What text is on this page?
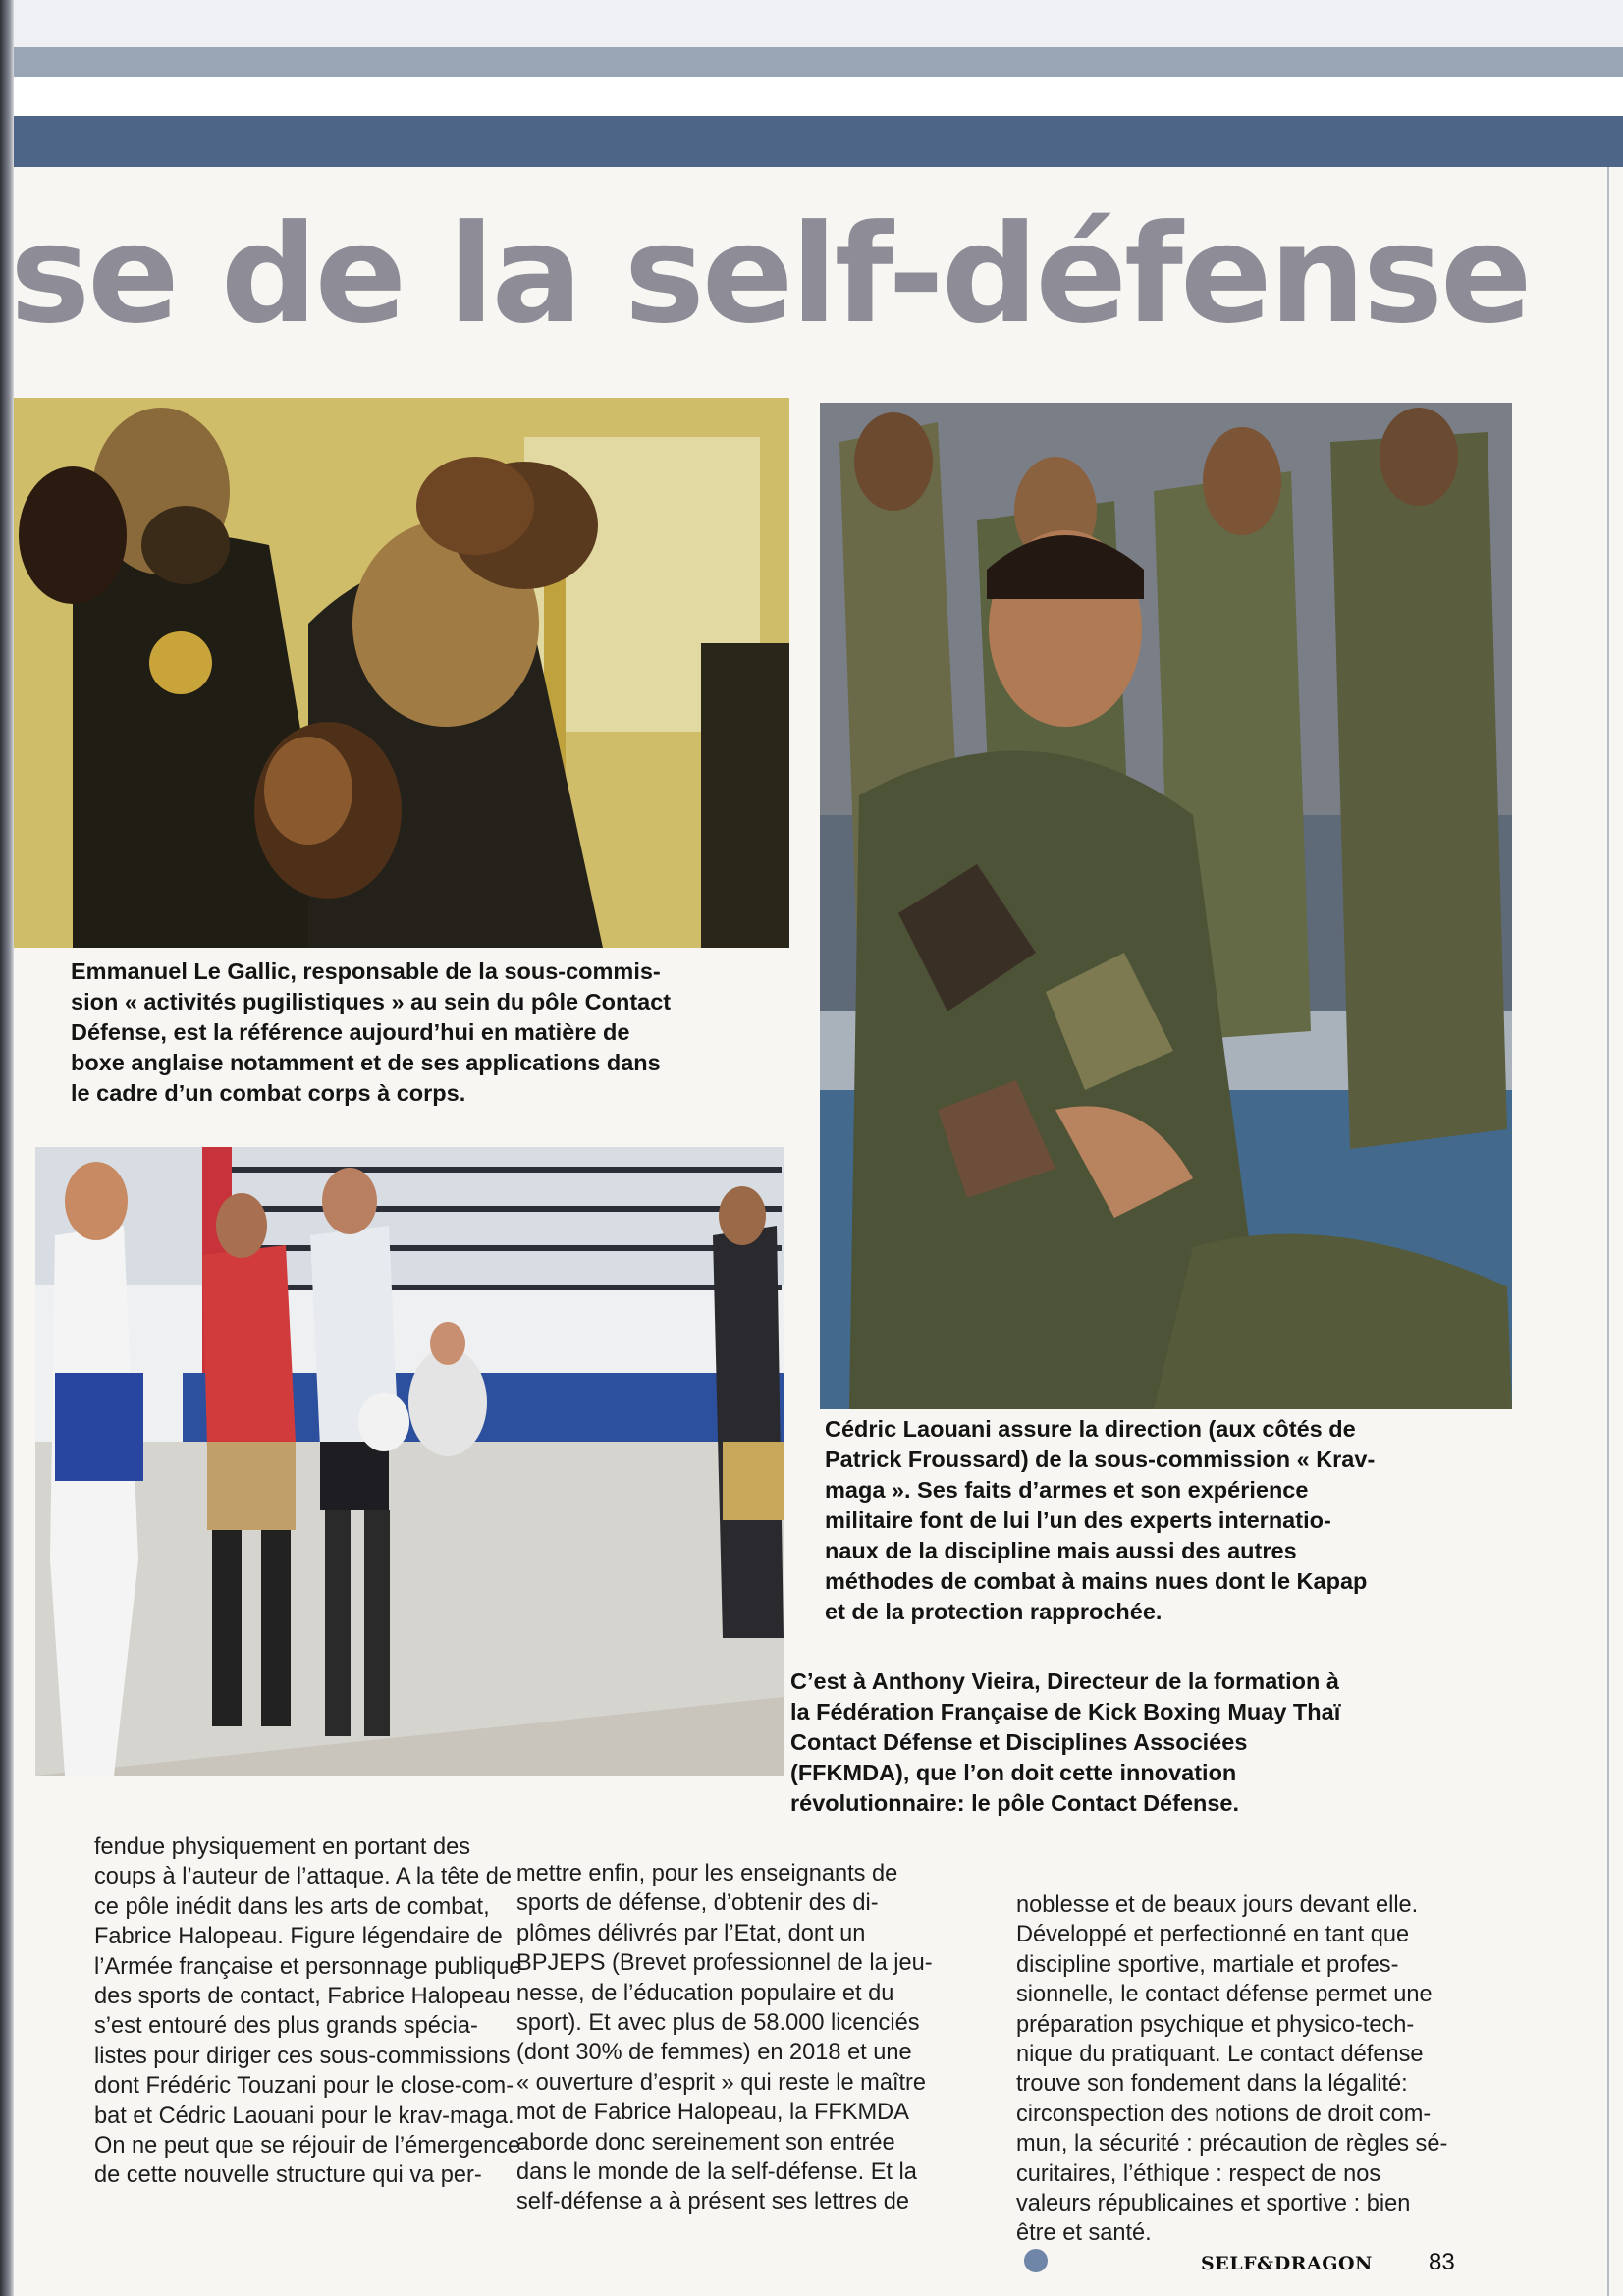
se de la self-défense
Emmanuel Le Gallic, responsable de la sous-commis-
sion « activités pugilistiques » au sein du pôle Contact
Défense, est la référence aujourd’hui en matière de
boxe anglaise notamment et de ses applications dans
le cadre d’un combat corps à corps.
Cédric Laouani assure la direction (aux côtés de
Patrick Froussard) de la sous-commission « Krav-
maga ». Ses faits d’armes et son expérience
militaire font de lui l’un des experts internatio-
naux de la discipline mais aussi des autres
méthodes de combat à mains nues dont le Kapap
et de la protection rapprochée.
C’est à Anthony Vieira, Directeur de la formation à
la Fédération Française de Kick Boxing Muay Thaï
Contact Défense et Disciplines Associées
(FFKMDA), que l’on doit cette innovation
révolutionnaire: le pôle Contact Défense.
fendue physiquement en portant des
coups à l’auteur de l’attaque. A la tête de
ce pôle inédit dans les arts de combat,
Fabrice Halopeau. Figure légendaire de
l’Armée française et personnage publique
des sports de contact, Fabrice Halopeau
s’est entouré des plus grands spécia-
listes pour diriger ces sous-commissions
dont Frédéric Touzani pour le close-com-
bat et Cédric Laouani pour le krav-maga.
On ne peut que se réjouir de l’émergence
de cette nouvelle structure qui va per-
mettre enfin, pour les enseignants de
sports de défense, d’obtenir des di-
plômes délivrés par l’Etat, dont un
BPJEPS (Brevet professionnel de la jeu-
nesse, de l’éducation populaire et du
sport). Et avec plus de 58.000 licenciés
(dont 30% de femmes) en 2018 et une
« ouverture d’esprit » qui reste le maître
mot de Fabrice Halopeau, la FFKMDA
aborde donc sereinement son entrée
dans le monde de la self-défense. Et la
self-défense a à présent ses lettres de
noblesse et de beaux jours devant elle.
Développé et perfectionné en tant que
discipline sportive, martiale et profes-
sionnelle, le contact défense permet une
préparation psychique et physico-tech-
nique du pratiquant. Le contact défense
trouve son fondement dans la légalité:
circonspection des notions de droit com-
mun, la sécurité : précaution de règles sé-
curitaires, l’éthique : respect de nos
valeurs républicaines et sportive : bien
être et santé.
SELF&DRAGON 83
